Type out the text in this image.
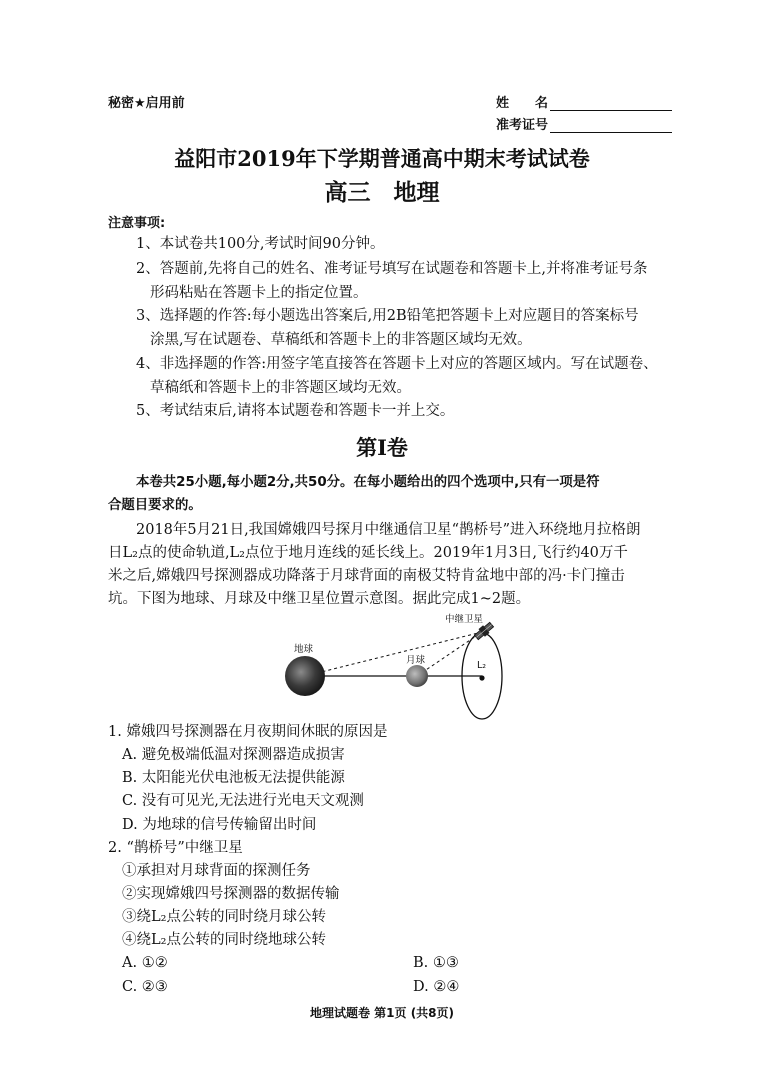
秘密★启用前	姓　　名
准考证号
益阳市2019年下学期普通高中期末考试试卷
高三　地理
注意事项:
1、本试卷共100分,考试时间90分钟。
2、答题前,先将自己的姓名、准考证号填写在试题卷和答题卡上,并将准考证号条
形码粘贴在答题卡上的指定位置。
3、选择题的作答:每小题选出答案后,用2B铅笔把答题卡上对应题目的答案标号
涂黑,写在试题卷、草稿纸和答题卡上的非答题区域均无效。
4、非选择题的作答:用签字笔直接答在答题卡上对应的答题区域内。写在试题卷、
草稿纸和答题卡上的非答题区域均无效。
5、考试结束后,请将本试题卷和答题卡一并上交。
第Ⅰ卷
本卷共25小题,每小题2分,共50分。在每小题给出的四个选项中,只有一项是符
合题目要求的。
2018年5月21日,我国嫦娥四号探月中继通信卫星“鹊桥号”进入环绕地月拉格朗
日L₂点的使命轨道,L₂点位于地月连线的延长线上。2019年1月3日,飞行约40万千
米之后,嫦娥四号探测器成功降落于月球背面的南极艾特肯盆地中部的冯·卡门撞击
坑。下图为地球、月球及中继卫星位置示意图。据此完成1~2题。
中继卫星
地球
月球	L₂
1. 嫦娥四号探测器在月夜期间休眠的原因是
A. 避免极端低温对探测器造成损害
B. 太阳能光伏电池板无法提供能源
C. 没有可见光,无法进行光电天文观测
D. 为地球的信号传输留出时间
2. “鹊桥号”中继卫星
①承担对月球背面的探测任务
②实现嫦娥四号探测器的数据传输
③绕L₂点公转的同时绕月球公转
④绕L₂点公转的同时绕地球公转
A. ①②	B. ①③
C. ②③	D. ②④
地理试题卷 第1页 (共8页)
